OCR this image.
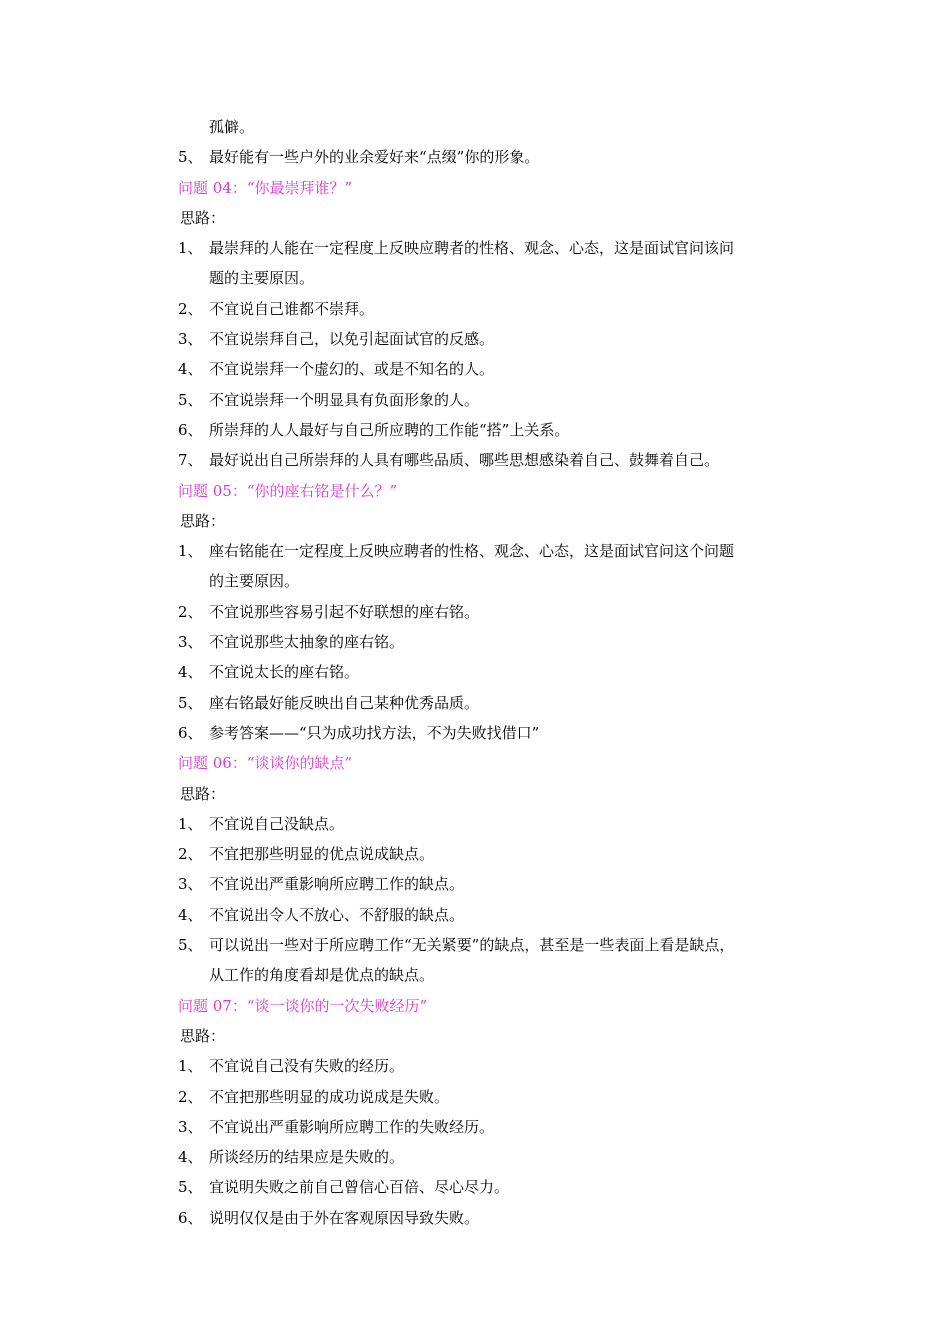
孤僻。
5、 最好能有一些户外的业余爱好来“点缀”你的形象。
问题 04：“你最崇拜谁？”
思路：
1、 最崇拜的人能在一定程度上反映应聘者的性格、观念、心态，这是面试官问该问
题的主要原因。
2、 不宜说自己谁都不崇拜。
3、 不宜说崇拜自己，以免引起面试官的反感。
4、 不宜说崇拜一个虚幻的、或是不知名的人。
5、 不宜说崇拜一个明显具有负面形象的人。
6、 所崇拜的人人最好与自己所应聘的工作能“搭”上关系。
7、 最好说出自己所崇拜的人具有哪些品质、哪些思想感染着自己、鼓舞着自己。
问题 05：“你的座右铭是什么？”
思路：
1、 座右铭能在一定程度上反映应聘者的性格、观念、心态，这是面试官问这个问题
的主要原因。
2、 不宜说那些容易引起不好联想的座右铭。
3、 不宜说那些太抽象的座右铭。
4、 不宜说太长的座右铭。
5、 座右铭最好能反映出自己某种优秀品质。
6、 参考答案——“只为成功找方法，不为失败找借口”
问题 06：“谈谈你的缺点”
思路：
1、 不宜说自己没缺点。
2、 不宜把那些明显的优点说成缺点。
3、 不宜说出严重影响所应聘工作的缺点。
4、 不宜说出令人不放心、不舒服的缺点。
5、 可以说出一些对于所应聘工作“无关紧要”的缺点，甚至是一些表面上看是缺点，
从工作的角度看却是优点的缺点。
问题 07：“谈一谈你的一次失败经历”
思路：
1、 不宜说自己没有失败的经历。
2、 不宜把那些明显的成功说成是失败。
3、 不宜说出严重影响所应聘工作的失败经历。
4、 所谈经历的结果应是失败的。
5、 宜说明失败之前自己曾信心百倍、尽心尽力。
6、 说明仅仅是由于外在客观原因导致失败。
